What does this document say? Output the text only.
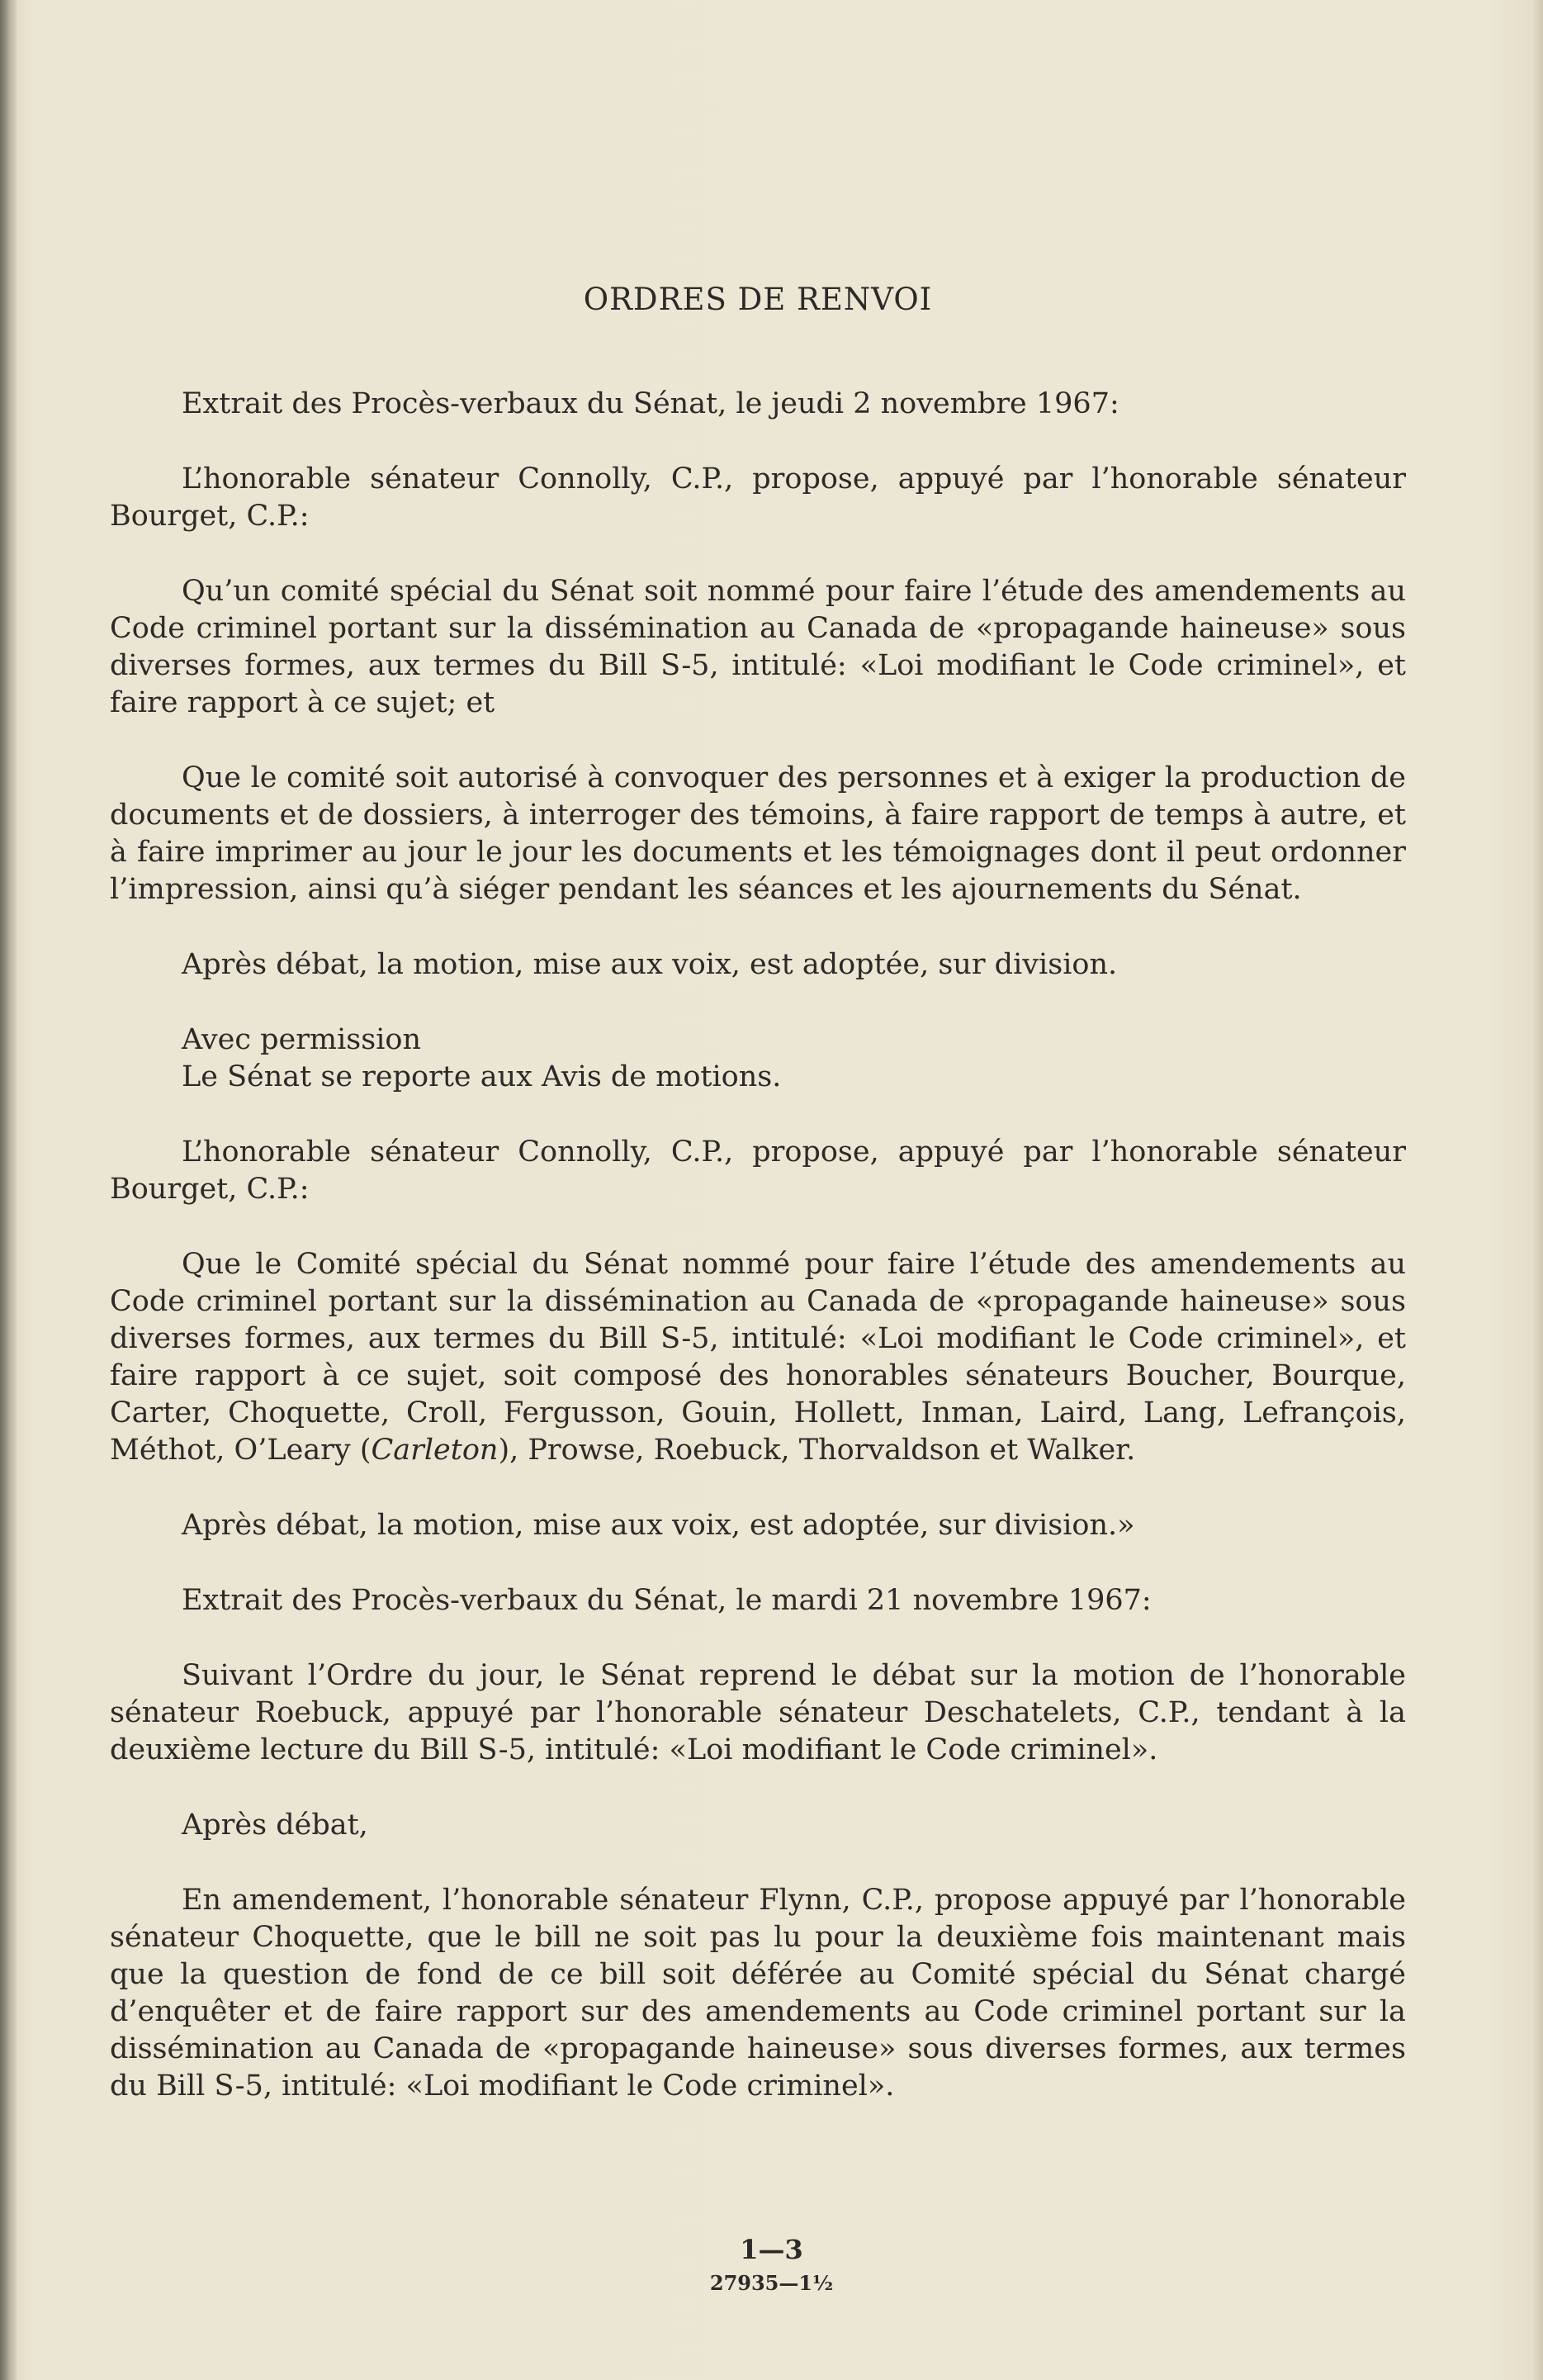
ORDRES DE RENVOI

Extrait des Procès-verbaux du Sénat, le jeudi 2 novembre 1967:

L’honorable sénateur Connolly, C.P., propose, appuyé par l’honorable sénateur Bourget, C.P.:

Qu’un comité spécial du Sénat soit nommé pour faire l’étude des amendements au Code criminel portant sur la dissémination au Canada de «propagande haineuse» sous diverses formes, aux termes du Bill S-5, intitulé: «Loi modifiant le Code criminel», et faire rapport à ce sujet; et

Que le comité soit autorisé à convoquer des personnes et à exiger la production de documents et de dossiers, à interroger des témoins, à faire rapport de temps à autre, et à faire imprimer au jour le jour les documents et les témoignages dont il peut ordonner l’impression, ainsi qu’à siéger pendant les séances et les ajournements du Sénat.

Après débat, la motion, mise aux voix, est adoptée, sur division.

Avec permission
Le Sénat se reporte aux Avis de motions.

L’honorable sénateur Connolly, C.P., propose, appuyé par l’honorable sénateur Bourget, C.P.:

Que le Comité spécial du Sénat nommé pour faire l’étude des amendements au Code criminel portant sur la dissémination au Canada de «propagande haineuse» sous diverses formes, aux termes du Bill S-5, intitulé: «Loi modifiant le Code criminel», et faire rapport à ce sujet, soit composé des honorables sénateurs Boucher, Bourque, Carter, Choquette, Croll, Fergusson, Gouin, Hollett, Inman, Laird, Lang, Lefrançois, Méthot, O’Leary (Carleton), Prowse, Roebuck, Thorvaldson et Walker.

Après débat, la motion, mise aux voix, est adoptée, sur division.»

Extrait des Procès-verbaux du Sénat, le mardi 21 novembre 1967:

Suivant l’Ordre du jour, le Sénat reprend le débat sur la motion de l’honorable sénateur Roebuck, appuyé par l’honorable sénateur Deschatelets, C.P., tendant à la deuxième lecture du Bill S-5, intitulé: «Loi modifiant le Code criminel».

Après débat,

En amendement, l’honorable sénateur Flynn, C.P., propose appuyé par l’honorable sénateur Choquette, que le bill ne soit pas lu pour la deuxième fois maintenant mais que la question de fond de ce bill soit déférée au Comité spécial du Sénat chargé d’enquêter et de faire rapport sur des amendements au Code criminel portant sur la dissémination au Canada de «propagande haineuse» sous diverses formes, aux termes du Bill S-5, intitulé: «Loi modifiant le Code criminel».

1—3
27935—1½
